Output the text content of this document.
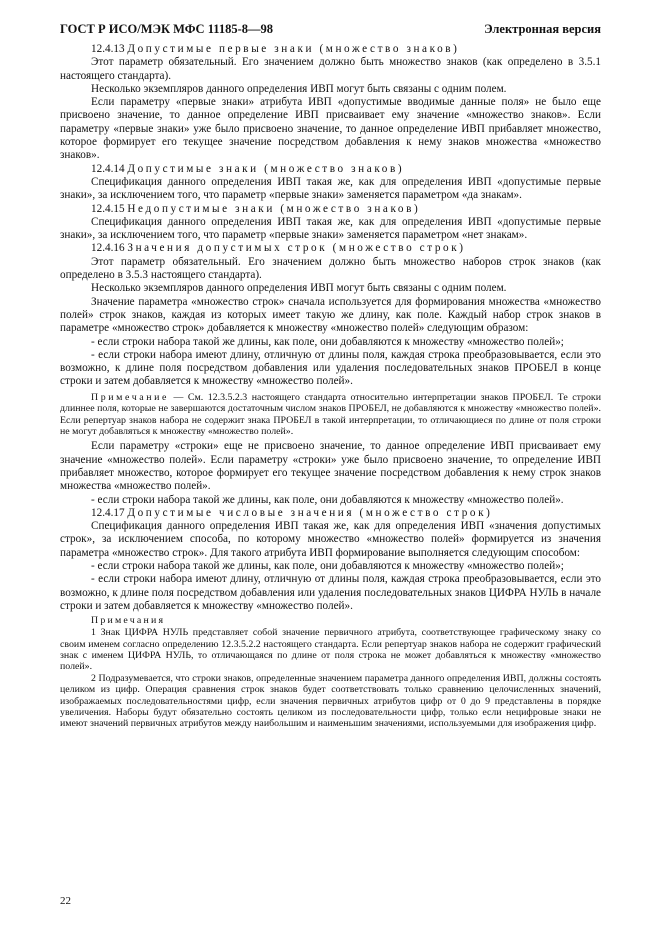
ГОСТ Р ИСО/МЭК МФС 11185-8—98	Электронная версия

12.4.13 Допустимые первые знаки (множество знаков)

Этот параметр обязательный. Его значением должно быть множество знаков (как определено в 3.5.1 настоящего стандарта).

Несколько экземпляров данного определения ИВП могут быть связаны с одним полем.

Если параметру «первые знаки» атрибута ИВП «допустимые вводимые данные поля» не было еще присвоено значение, то данное определение ИВП присваивает ему значение «множество знаков». Если параметру «первые знаки» уже было присвоено значение, то данное определение ИВП прибавляет множество, которое формирует его текущее значение посредством добавления к нему знаков множества «множество знаков».

12.4.14 Допустимые знаки (множество знаков)

Спецификация данного определения ИВП такая же, как для определения ИВП «допустимые первые знаки», за исключением того, что параметр «первые знаки» заменяется параметром «да знакам».

12.4.15 Недопустимые знаки (множество знаков)

Спецификация данного определения ИВП такая же, как для определения ИВП «допустимые первые знаки», за исключением того, что параметр «первые знаки» заменяется параметром «нет знакам».

12.4.16 Значения допустимых строк (множество строк)

Этот параметр обязательный. Его значением должно быть множество наборов строк знаков (как определено в 3.5.3 настоящего стандарта).

Несколько экземпляров данного определения ИВП могут быть связаны с одним полем.

Значение параметра «множество строк» сначала используется для формирования множества «множество полей» строк знаков, каждая из которых имеет такую же длину, как поле. Каждый набор строк знаков в параметре «множество строк» добавляется к множеству «множество полей» следующим образом:

- если строки набора такой же длины, как поле, они добавляются к множеству «множество полей»;

- если строки набора имеют длину, отличную от длины поля, каждая строка преобразовывается, если это возможно, к длине поля посредством добавления или удаления последовательных знаков ПРОБЕЛ в конце строки и затем добавляется к множеству «множество полей».

Примечание — См. 12.3.5.2.3 настоящего стандарта относительно интерпретации знаков ПРОБЕЛ. Те строки длиннее поля, которые не завершаются достаточным числом знаков ПРОБЕЛ, не добавляются к множеству «множество полей». Если репертуар знаков набора не содержит знака ПРОБЕЛ в такой интерпретации, то отличающиеся по длине от поля строки не могут добавляться к множеству «множество полей».

Если параметру «строки» еще не присвоено значение, то данное определение ИВП присваивает ему значение «множество полей». Если параметру «строки» уже было присвоено значение, то определение ИВП прибавляет множество, которое формирует его текущее значение посредством добавления к нему строк знаков множества «множество полей».

- если строки набора такой же длины, как поле, они добавляются к множеству «множество полей».

12.4.17 Допустимые числовые значения (множество строк)

Спецификация данного определения ИВП такая же, как для определения ИВП «значения допустимых строк», за исключением способа, по которому множество «множество полей» формируется из значения параметра «множество строк». Для такого атрибута ИВП формирование выполняется следующим способом:

- если строки набора такой же длины, как поле, они добавляются к множеству «множество полей»;

- если строки набора имеют длину, отличную от длины поля, каждая строка преобразовывается, если это возможно, к длине поля посредством добавления или удаления последовательных знаков ЦИФРА НУЛЬ в начале строки и затем добавляется к множеству «множество полей».

Примечания

1 Знак ЦИФРА НУЛЬ представляет собой значение первичного атрибута, соответствующее графическому знаку со своим именем согласно определению 12.3.5.2.2 настоящего стандарта. Если репертуар знаков набора не содержит графический знак с именем ЦИФРА НУЛЬ, то отличающаяся по длине от поля строка не может добавляться к множеству «множество полей».

2 Подразумевается, что строки знаков, определенные значением параметра данного определения ИВП, должны состоять целиком из цифр. Операция сравнения строк знаков будет соответствовать только сравнению целочисленных значений, изображаемых последовательностями цифр, если значения первичных атрибутов цифр от 0 до 9 представлены в порядке увеличения. Наборы будут обязательно состоять целиком из последовательности цифр, только если нецифровые знаки не имеют значений первичных атрибутов между наибольшим и наименьшим значениями, используемыми для изображения цифр.

22
